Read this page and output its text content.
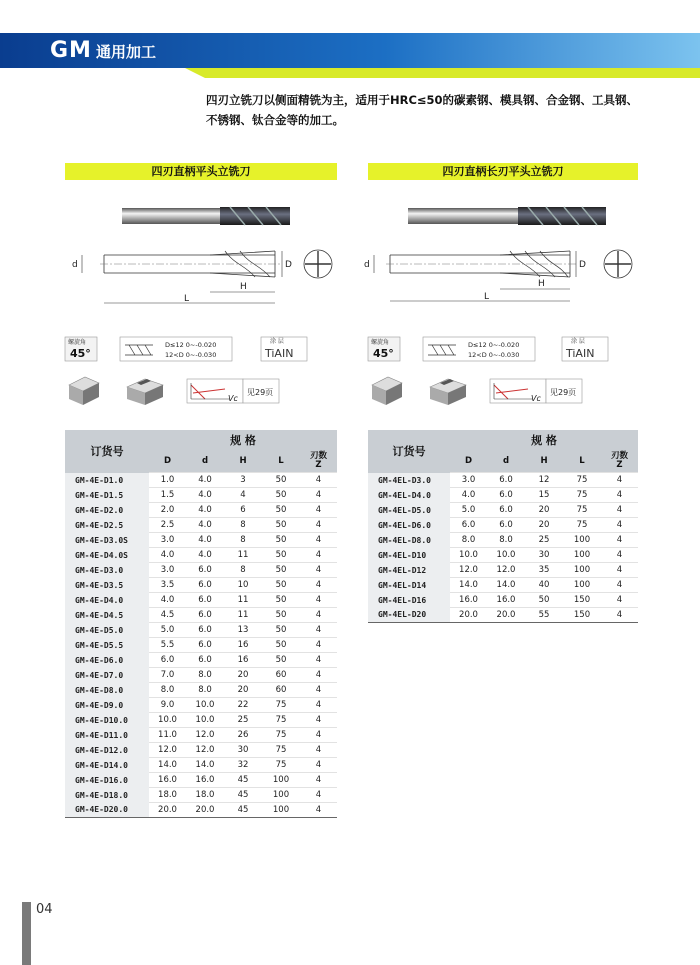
GM 通用加工
四刃立铣刀以侧面精铣为主，适用于HRC≤50的碳素钢、模具钢、合金钢、工具钢、不锈钢、钛合金等的加工。
四刃直柄平头立铣刀
d	D
H
L
螺旋角
45°
D≤12 0~-0.020
12<D 0~-0.030
涂 层
TiAIN
Vc
见29页
订货号	规 格				
	D	d	H	L	刃数
Z
GM-4E-D1.0	1.0	4.0	3	50	4
GM-4E-D1.5	1.5	4.0	4	50	4
GM-4E-D2.0	2.0	4.0	6	50	4
GM-4E-D2.5	2.5	4.0	8	50	4
GM-4E-D3.0S	3.0	4.0	8	50	4
GM-4E-D4.0S	4.0	4.0	11	50	4
GM-4E-D3.0	3.0	6.0	8	50	4
GM-4E-D3.5	3.5	6.0	10	50	4
GM-4E-D4.0	4.0	6.0	11	50	4
GM-4E-D4.5	4.5	6.0	11	50	4
GM-4E-D5.0	5.0	6.0	13	50	4
GM-4E-D5.5	5.5	6.0	16	50	4
GM-4E-D6.0	6.0	6.0	16	50	4
GM-4E-D7.0	7.0	8.0	20	60	4
GM-4E-D8.0	8.0	8.0	20	60	4
GM-4E-D9.0	9.0	10.0	22	75	4
GM-4E-D10.0	10.0	10.0	25	75	4
GM-4E-D11.0	11.0	12.0	26	75	4
GM-4E-D12.0	12.0	12.0	30	75	4
GM-4E-D14.0	14.0	14.0	32	75	4
GM-4E-D16.0	16.0	16.0	45	100	4
GM-4E-D18.0	18.0	18.0	45	100	4
GM-4E-D20.0	20.0	20.0	45	100	4
四刃直柄长刃平头立铣刀
d	D
H
L
螺旋角
45°
D≤12 0~-0.020
12<D 0~-0.030
涂 层
TiAIN
Vc
见29页
订货号	规 格				
	D	d	H	L	刃数
Z
GM-4EL-D3.0	3.0	6.0	12	75	4
GM-4EL-D4.0	4.0	6.0	15	75	4
GM-4EL-D5.0	5.0	6.0	20	75	4
GM-4EL-D6.0	6.0	6.0	20	75	4
GM-4EL-D8.0	8.0	8.0	25	100	4
GM-4EL-D10	10.0	10.0	30	100	4
GM-4EL-D12	12.0	12.0	35	100	4
GM-4EL-D14	14.0	14.0	40	100	4
GM-4EL-D16	16.0	16.0	50	150	4
GM-4EL-D20	20.0	20.0	55	150	4
04
